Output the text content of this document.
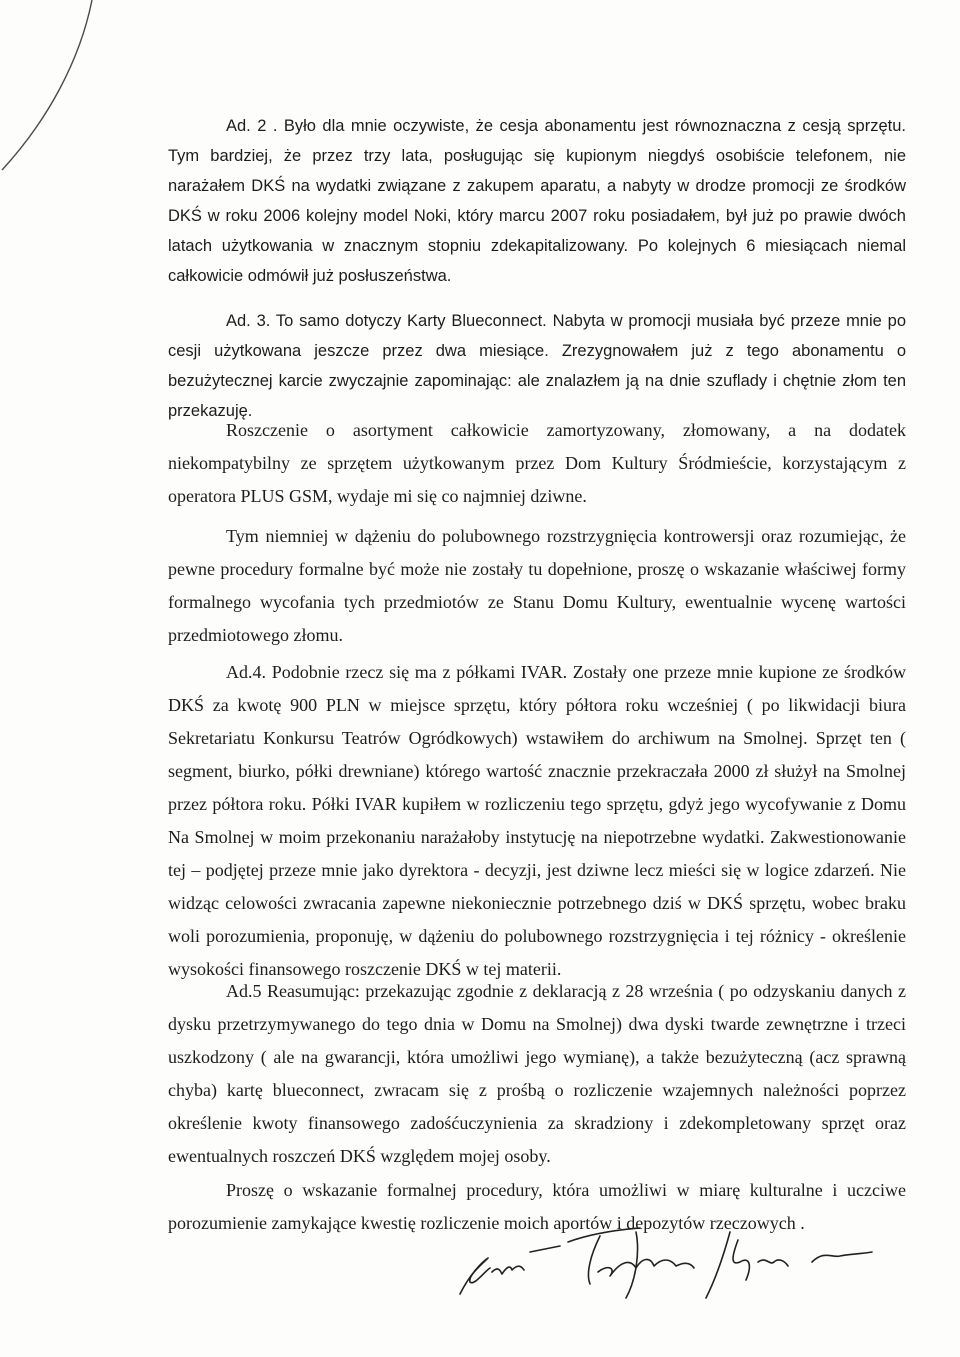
Ad. 2 . Było dla mnie oczywiste, że cesja abonamentu jest równoznaczna z cesją sprzętu. Tym bardziej, że przez trzy lata, posługując się kupionym niegdyś osobiście telefonem, nie narażałem DKŚ na wydatki związane z zakupem aparatu, a nabyty w drodze promocji ze środków DKŚ w roku 2006 kolejny model Noki, który marcu 2007 roku posiadałem, był już po prawie dwóch latach użytkowania w znacznym stopniu zdekapitalizowany. Po kolejnych 6 miesiącach niemal całkowicie odmówił już posłuszeństwa.

Ad. 3. To samo dotyczy Karty Blueconnect. Nabyta w promocji musiała być przeze mnie po cesji użytkowana jeszcze przez dwa miesiące. Zrezygnowałem już z tego abonamentu o bezużytecznej karcie zwyczajnie zapominając: ale znalazłem ją na dnie szuflady i chętnie złom ten przekazuję.

Roszczenie o asortyment całkowicie zamortyzowany, złomowany, a na dodatek niekompatybilny ze sprzętem użytkowanym przez Dom Kultury Śródmieście, korzystającym z operatora PLUS GSM, wydaje mi się co najmniej dziwne.

Tym niemniej w dążeniu do polubownego rozstrzygnięcia kontrowersji oraz rozumiejąc, że pewne procedury formalne być może nie zostały tu dopełnione, proszę o wskazanie właściwej formy formalnego wycofania tych przedmiotów ze Stanu Domu Kultury, ewentualnie wycenę wartości przedmiotowego złomu.

Ad.4. Podobnie rzecz się ma z półkami IVAR. Zostały one przeze mnie kupione ze środków DKŚ za kwotę 900 PLN w miejsce sprzętu, który półtora roku wcześniej ( po likwidacji biura Sekretariatu Konkursu Teatrów Ogródkowych) wstawiłem do archiwum na Smolnej. Sprzęt ten ( segment, biurko, półki drewniane) którego wartość znacznie przekraczała 2000 zł służył na Smolnej przez półtora roku. Półki IVAR kupiłem w rozliczeniu tego sprzętu, gdyż jego wycofywanie z Domu Na Smolnej w moim przekonaniu narażałoby instytucję na niepotrzebne wydatki. Zakwestionowanie tej – podjętej przeze mnie jako dyrektora - decyzji, jest dziwne lecz mieści się w logice zdarzeń. Nie widząc celowości zwracania zapewne niekoniecznie potrzebnego dziś w DKŚ sprzętu, wobec braku woli porozumienia, proponuję, w dążeniu do polubownego rozstrzygnięcia i tej różnicy - określenie wysokości finansowego roszczenie DKŚ w tej materii.

Ad.5 Reasumując: przekazując zgodnie z deklaracją z 28 września ( po odzyskaniu danych z dysku przetrzymywanego do tego dnia w Domu na Smolnej) dwa dyski twarde zewnętrzne i trzeci uszkodzony ( ale na gwarancji, która umożliwi jego wymianę), a także bezużyteczną (acz sprawną chyba) kartę blueconnect, zwracam się z prośbą o rozliczenie wzajemnych należności poprzez określenie kwoty finansowego zadośćuczynienia za skradziony i zdekompletowany sprzęt oraz ewentualnych roszczeń DKŚ względem mojej osoby.

Proszę o wskazanie formalnej procedury, która umożliwi w miarę kulturalne i uczciwe porozumienie zamykające kwestię rozliczenie moich aportów i depozytów rzeczowych .
